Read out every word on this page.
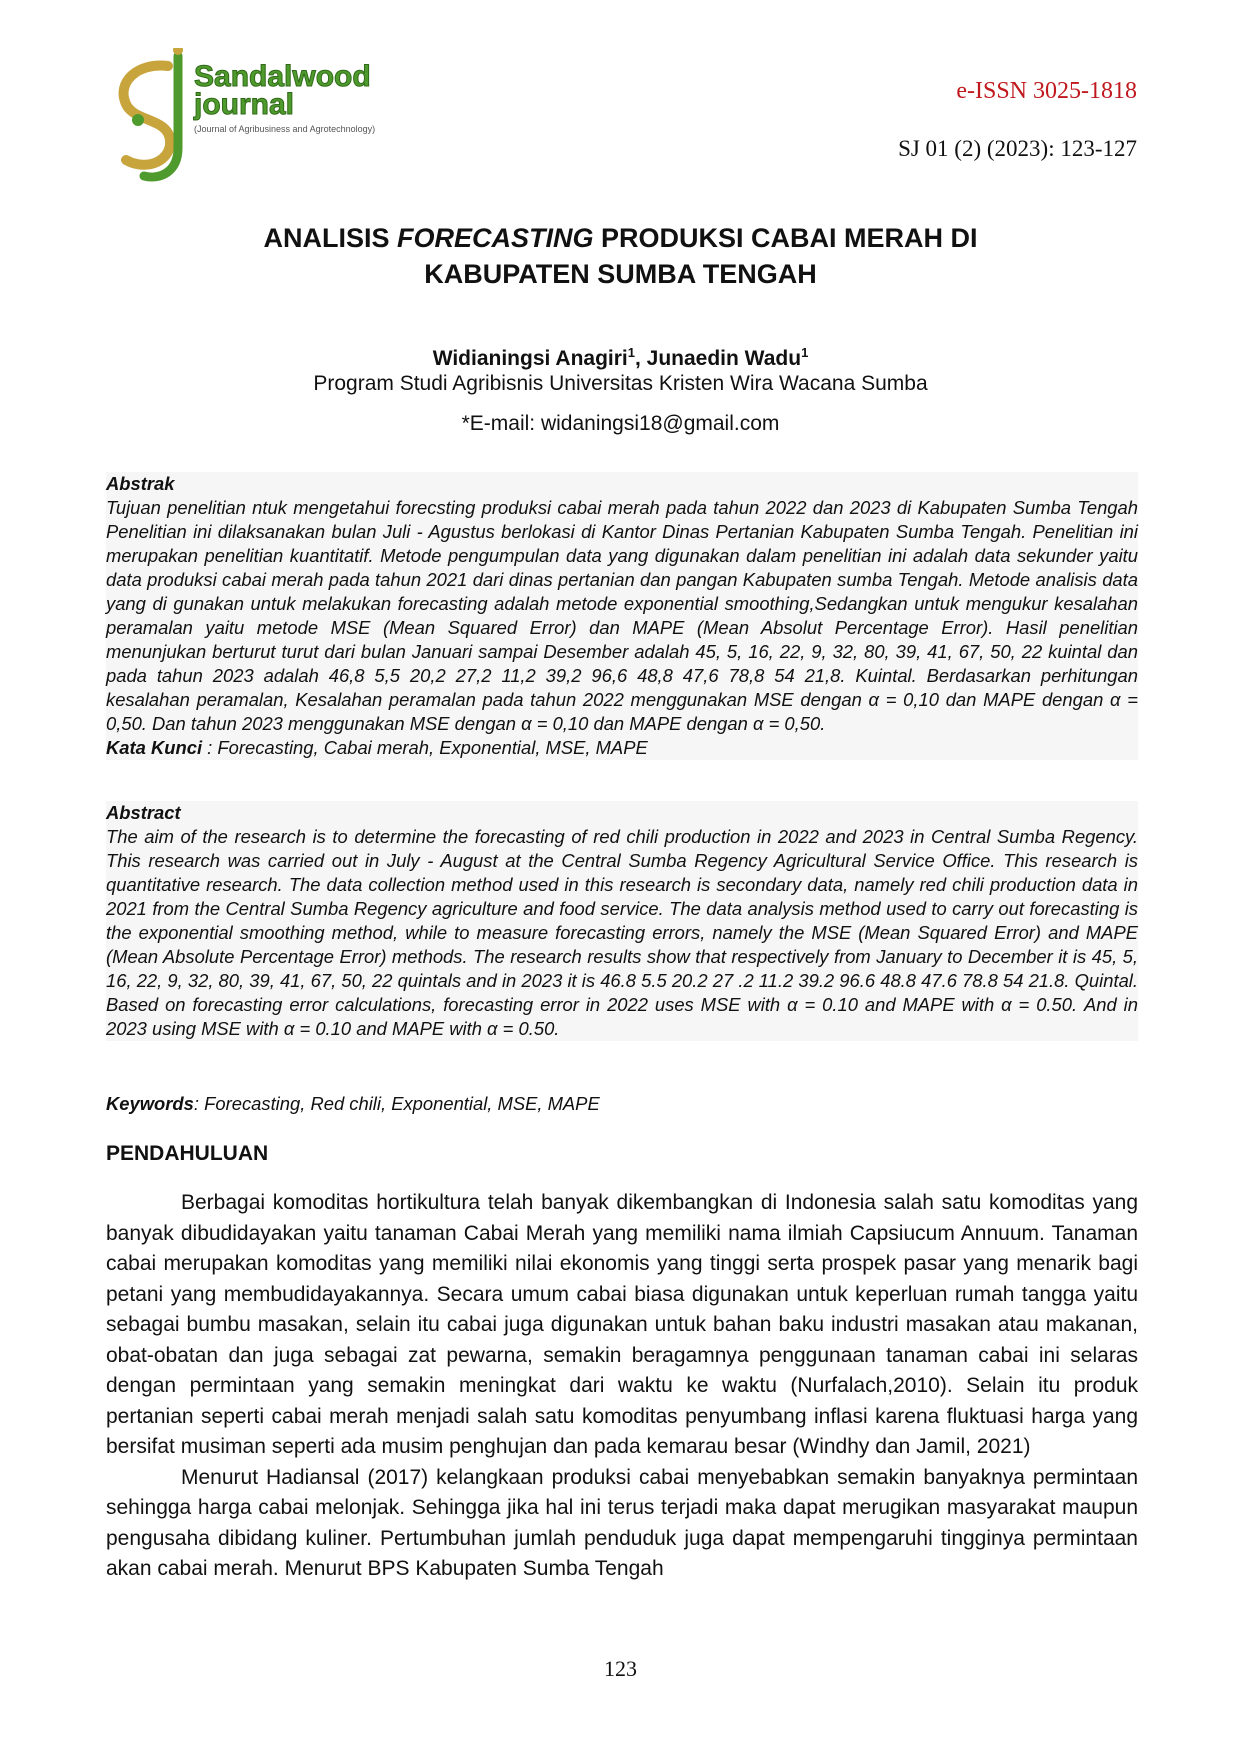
Sandalwood
journal
(Journal of Agribusiness and Agrotechnology)
e-ISSN 3025-1818
SJ 01 (2) (2023): 123-127
ANALISIS FORECASTING PRODUKSI CABAI MERAH DI
KABUPATEN SUMBA TENGAH
Widianingsi Anagiri$^1$, Junaedin Wadu$^1$
Program Studi Agribisnis Universitas Kristen Wira Wacana Sumba
*E-mail: widaningsi18@gmail.com
Abstrak
Tujuan penelitian ntuk mengetahui forecsting produksi cabai merah pada tahun 2022 dan 2023 di Kabupaten Sumba Tengah Penelitian ini dilaksanakan bulan Juli - Agustus berlokasi di Kantor Dinas Pertanian Kabupaten Sumba Tengah. Penelitian ini merupakan penelitian kuantitatif. Metode pengumpulan data yang digunakan dalam penelitian ini adalah data sekunder yaitu data produksi cabai merah pada tahun 2021 dari dinas pertanian dan pangan Kabupaten sumba Tengah. Metode analisis data yang di gunakan untuk melakukan forecasting adalah metode exponential smoothing,Sedangkan untuk mengukur kesalahan peramalan yaitu metode MSE (Mean Squared Error) dan MAPE (Mean Absolut Percentage Error). Hasil penelitian menunjukan berturut turut dari bulan Januari sampai Desember adalah 45, 5, 16, 22, 9, 32, 80, 39, 41, 67, 50, 22 kuintal dan pada tahun 2023 adalah 46,8 5,5 20,2 27,2 11,2 39,2 96,6 48,8 47,6 78,8 54 21,8. Kuintal. Berdasarkan perhitungan kesalahan peramalan, Kesalahan peramalan pada tahun 2022 menggunakan MSE dengan α = 0,10 dan MAPE dengan α = 0,50. Dan tahun 2023 menggunakan MSE dengan α = 0,10 dan MAPE dengan α = 0,50.
Kata Kunci : Forecasting, Cabai merah, Exponential, MSE, MAPE
Abstract
The aim of the research is to determine the forecasting of red chili production in 2022 and 2023 in Central Sumba Regency. This research was carried out in July - August at the Central Sumba Regency Agricultural Service Office. This research is quantitative research. The data collection method used in this research is secondary data, namely red chili production data in 2021 from the Central Sumba Regency agriculture and food service. The data analysis method used to carry out forecasting is the exponential smoothing method, while to measure forecasting errors, namely the MSE (Mean Squared Error) and MAPE (Mean Absolute Percentage Error) methods. The research results show that respectively from January to December it is 45, 5, 16, 22, 9, 32, 80, 39, 41, 67, 50, 22 quintals and in 2023 it is 46.8 5.5 20.2 27 .2 11.2 39.2 96.6 48.8 47.6 78.8 54 21.8. Quintal. Based on forecasting error calculations, forecasting error in 2022 uses MSE with α = 0.10 and MAPE with α = 0.50. And in 2023 using MSE with α = 0.10 and MAPE with α = 0.50.
Keywords: Forecasting, Red chili, Exponential, MSE, MAPE
PENDAHULUAN

Berbagai komoditas hortikultura telah banyak dikembangkan di Indonesia salah satu komoditas yang banyak dibudidayakan yaitu tanaman Cabai Merah yang memiliki nama ilmiah Capsiucum Annuum. Tanaman cabai merupakan komoditas yang memiliki nilai ekonomis yang tinggi serta prospek pasar yang menarik bagi petani yang membudidayakannya. Secara umum cabai biasa digunakan untuk keperluan rumah tangga yaitu sebagai bumbu masakan, selain itu cabai juga digunakan untuk bahan baku industri masakan atau makanan, obat-obatan dan juga sebagai zat pewarna, semakin beragamnya penggunaan tanaman cabai ini selaras dengan permintaan yang semakin meningkat dari waktu ke waktu (Nurfalach,2010). Selain itu produk pertanian seperti cabai merah menjadi salah satu komoditas penyumbang inflasi karena fluktuasi harga yang bersifat musiman seperti ada musim penghujan dan pada kemarau besar (Windhy dan Jamil, 2021)

Menurut Hadiansal (2017) kelangkaan produksi cabai menyebabkan semakin banyaknya permintaan sehingga harga cabai melonjak. Sehingga jika hal ini terus terjadi maka dapat merugikan masyarakat maupun pengusaha dibidang kuliner. Pertumbuhan jumlah penduduk juga dapat mempengaruhi tingginya permintaan akan cabai merah. Menurut BPS Kabupaten Sumba Tengah

123
